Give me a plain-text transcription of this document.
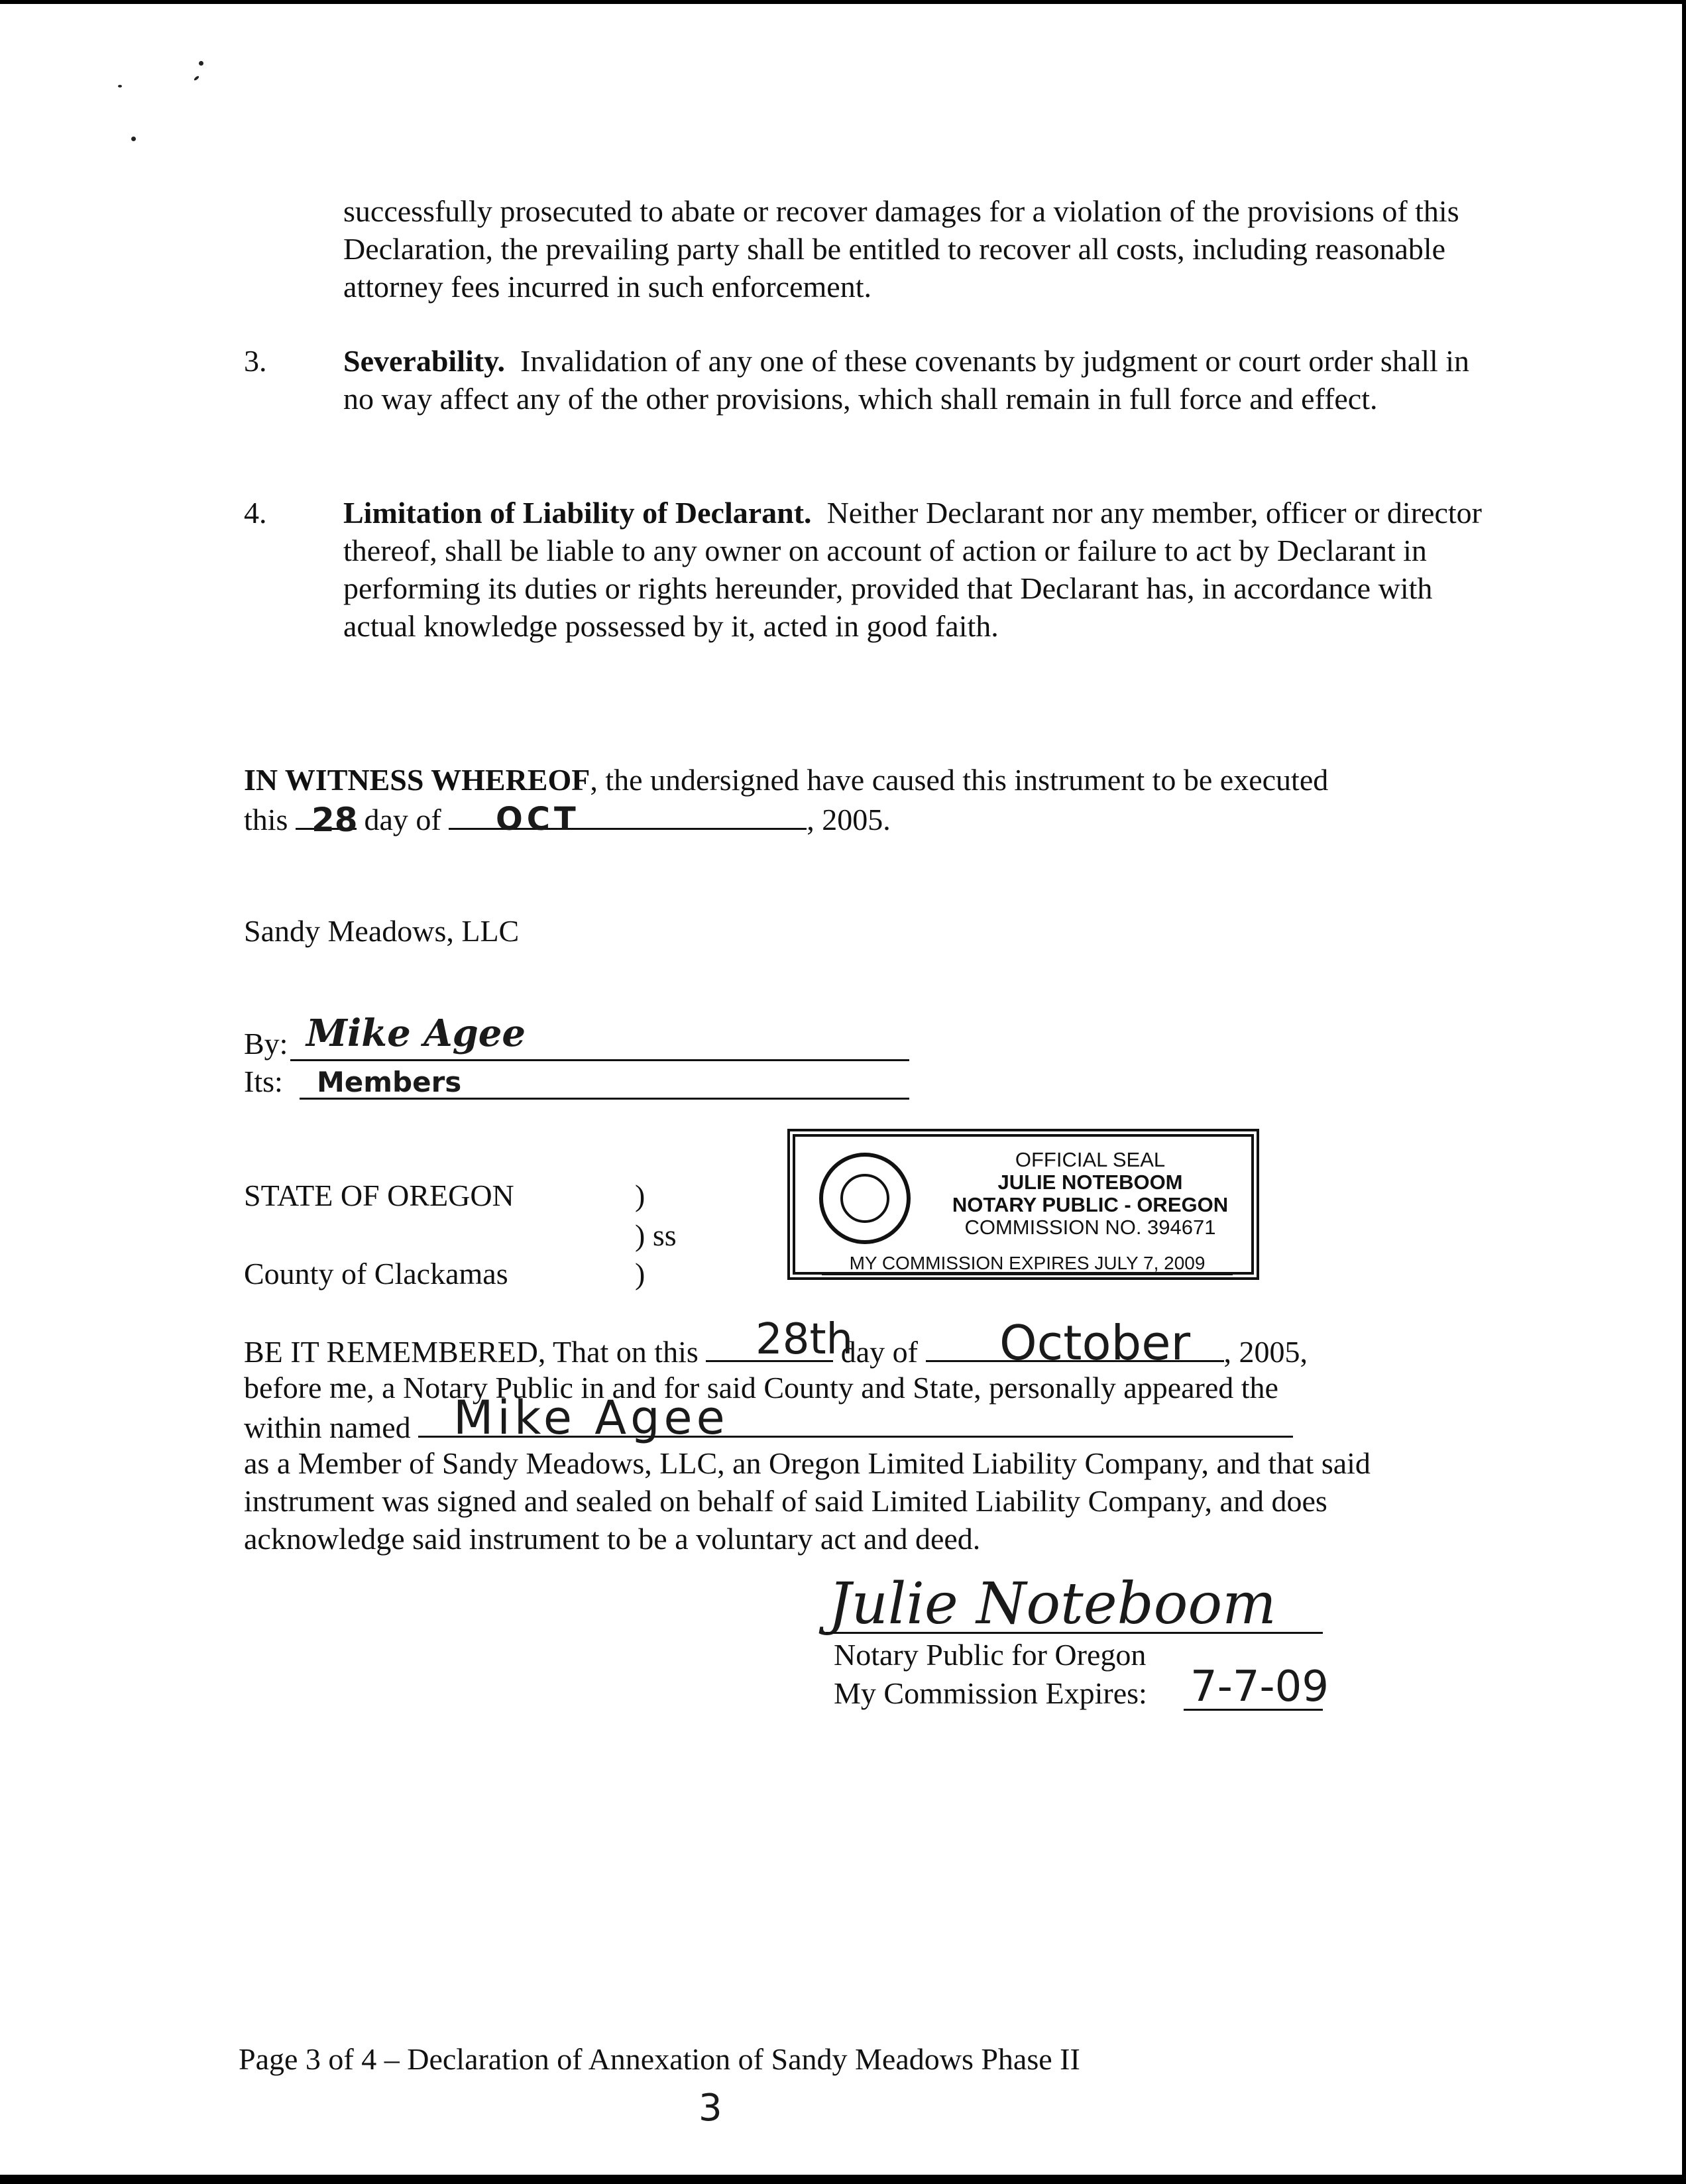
successfully prosecuted to abate or recover damages for a violation of the provisions of this Declaration, the prevailing party shall be entitled to recover all costs, including reasonable attorney fees incurred in such enforcement.
3.	Severability. Invalidation of any one of these covenants by judgment or court order shall in no way affect any of the other provisions, which shall remain in full force and effect.
4.	Limitation of Liability of Declarant. Neither Declarant nor any member, officer or director thereof, shall be liable to any owner on account of action or failure to act by Declarant in performing its duties or rights hereunder, provided that Declarant has, in accordance with actual knowledge possessed by it, acted in good faith.
IN WITNESS WHEREOF, the undersigned have caused this instrument to be executed
this	day of	, 2005.
28	OCT
Sandy Meadows, LLC
By: Mike Agee
Its: Members
STATE OF OREGON	)
) ss
County of Clackamas	)
OFFICIAL SEAL
JULIE NOTEBOOM
NOTARY PUBLIC - OREGON
COMMISSION NO. 394671
MY COMMISSION EXPIRES JULY 7, 2009
BE IT REMEMBERED, That on this	day of	, 2005,
28th	October
before me, a Notary Public in and for said County and State, personally appeared the
within named Mike Agee
as a Member of Sandy Meadows, LLC, an Oregon Limited Liability Company, and that said instrument was signed and sealed on behalf of said Limited Liability Company, and does acknowledge said instrument to be a voluntary act and deed.
Julie Noteboom
Notary Public for Oregon
My Commission Expires: 7-7-09
Page 3 of 4 – Declaration of Annexation of Sandy Meadows Phase II
3
